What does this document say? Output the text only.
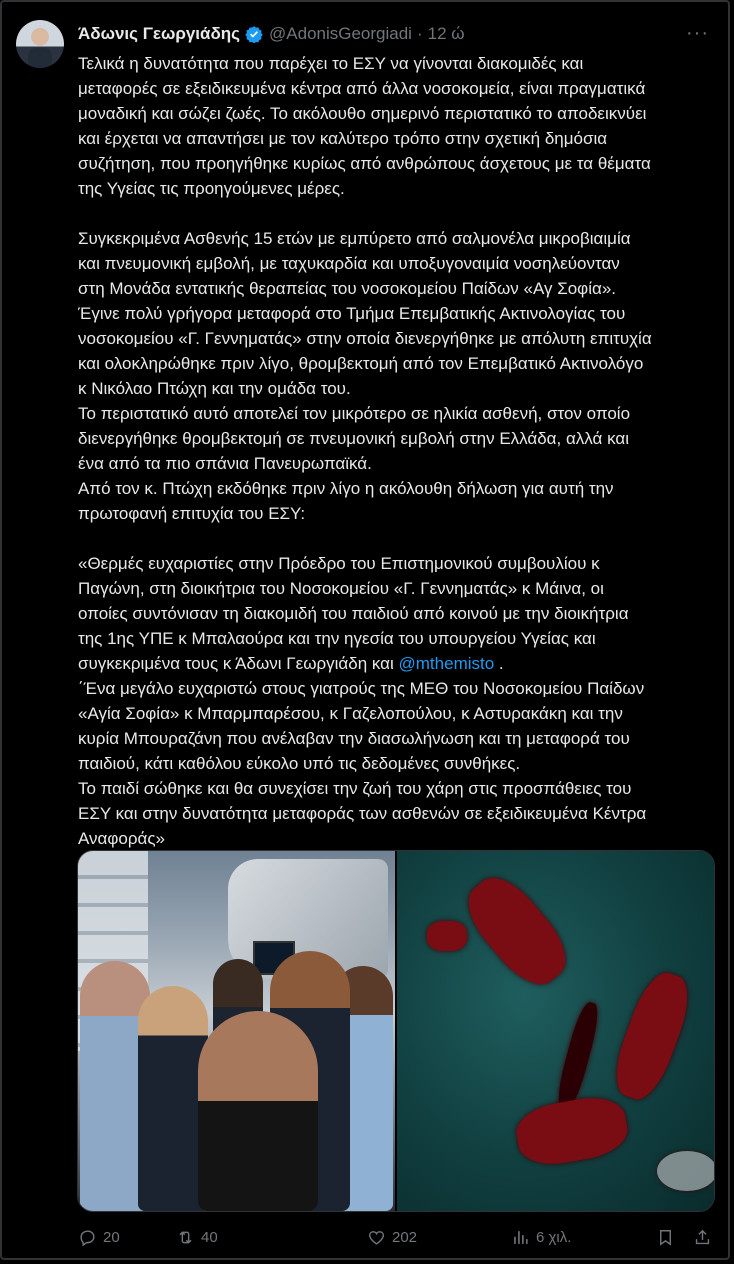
Άδωνις Γεωργιάδης @AdonisGeorgiadi · 12 ώ	···

Τελικά η δυνατότητα που παρέχει το ΕΣΥ να γίνονται διακομιδές και

μεταφορές σε εξειδικευμένα κέντρα από άλλα νοσοκομεία, είναι πραγματικά

μοναδική και σώζει ζωές. Το ακόλουθο σημερινό περιστατικό το αποδεικνύει

και έρχεται να απαντήσει με τον καλύτερο τρόπο στην σχετική δημόσια

συζήτηση, που προηγήθηκε κυρίως από ανθρώπους άσχετους με τα θέματα

της Υγείας τις προηγούμενες μέρες.

Συγκεκριμένα Ασθενής 15 ετών με εμπύρετο από σαλμονέλα μικροβιαιμία

και πνευμονική εμβολή, με ταχυκαρδία και υποξυγοναιμία νοσηλεύονταν

στη Μονάδα εντατικής θεραπείας του νοσοκομείου Παίδων «Αγ Σοφία».

Έγινε πολύ γρήγορα μεταφορά στο Τμήμα Επεμβατικής Ακτινολογίας του

νοσοκομείου «Γ. Γεννηματάς» στην οποία διενεργήθηκε με απόλυτη επιτυχία

και ολοκληρώθηκε πριν λίγο, θρομβεκτομή από τον Επεμβατικό Ακτινολόγο

κ Νικόλαο Πτώχη και την ομάδα του.

Το περιστατικό αυτό αποτελεί τον μικρότερο σε ηλικία ασθενή, στον οποίο

διενεργήθηκε θρομβεκτομή σε πνευμονική εμβολή στην Ελλάδα, αλλά και

ένα από τα πιο σπάνια Πανευρωπαϊκά.

Από τον κ. Πτώχη εκδόθηκε πριν λίγο η ακόλουθη δήλωση για αυτή την

πρωτοφανή επιτυχία του ΕΣΥ:

«Θερμές ευχαριστίες στην Πρόεδρο του Επιστημονικού συμβουλίου κ

Παγώνη, στη διοικήτρια του Νοσοκομείου «Γ. Γεννηματάς» κ Μάινα, οι

οποίες συντόνισαν τη διακομιδή του παιδιού από κοινού με την διοικήτρια

της 1ης ΥΠΕ κ Μπαλαούρα και την ηγεσία του υπουργείου Υγείας και

συγκεκριμένα τους κ Άδωνι Γεωργιάδη και @mthemisto .

΄Ένα μεγάλο ευχαριστώ στους γιατρούς της ΜΕΘ του Νοσοκομείου Παίδων

«Αγία Σοφία» κ Μπαρμπαρέσου, κ Γαζελοπούλου, κ Αστυρακάκη και την

κυρία Μπουραζάνη που ανέλαβαν την διασωλήνωση και τη μεταφορά του

παιδιού, κάτι καθόλου εύκολο υπό τις δεδομένες συνθήκες.

Το παιδί σώθηκε και θα συνεχίσει την ζωή του χάρη στις προσπάθειες του

ΕΣΥ και στην δυνατότητα μεταφοράς των ασθενών σε εξειδικευμένα Κέντρα

Αναφοράς»

20	40	202	6 χιλ.
